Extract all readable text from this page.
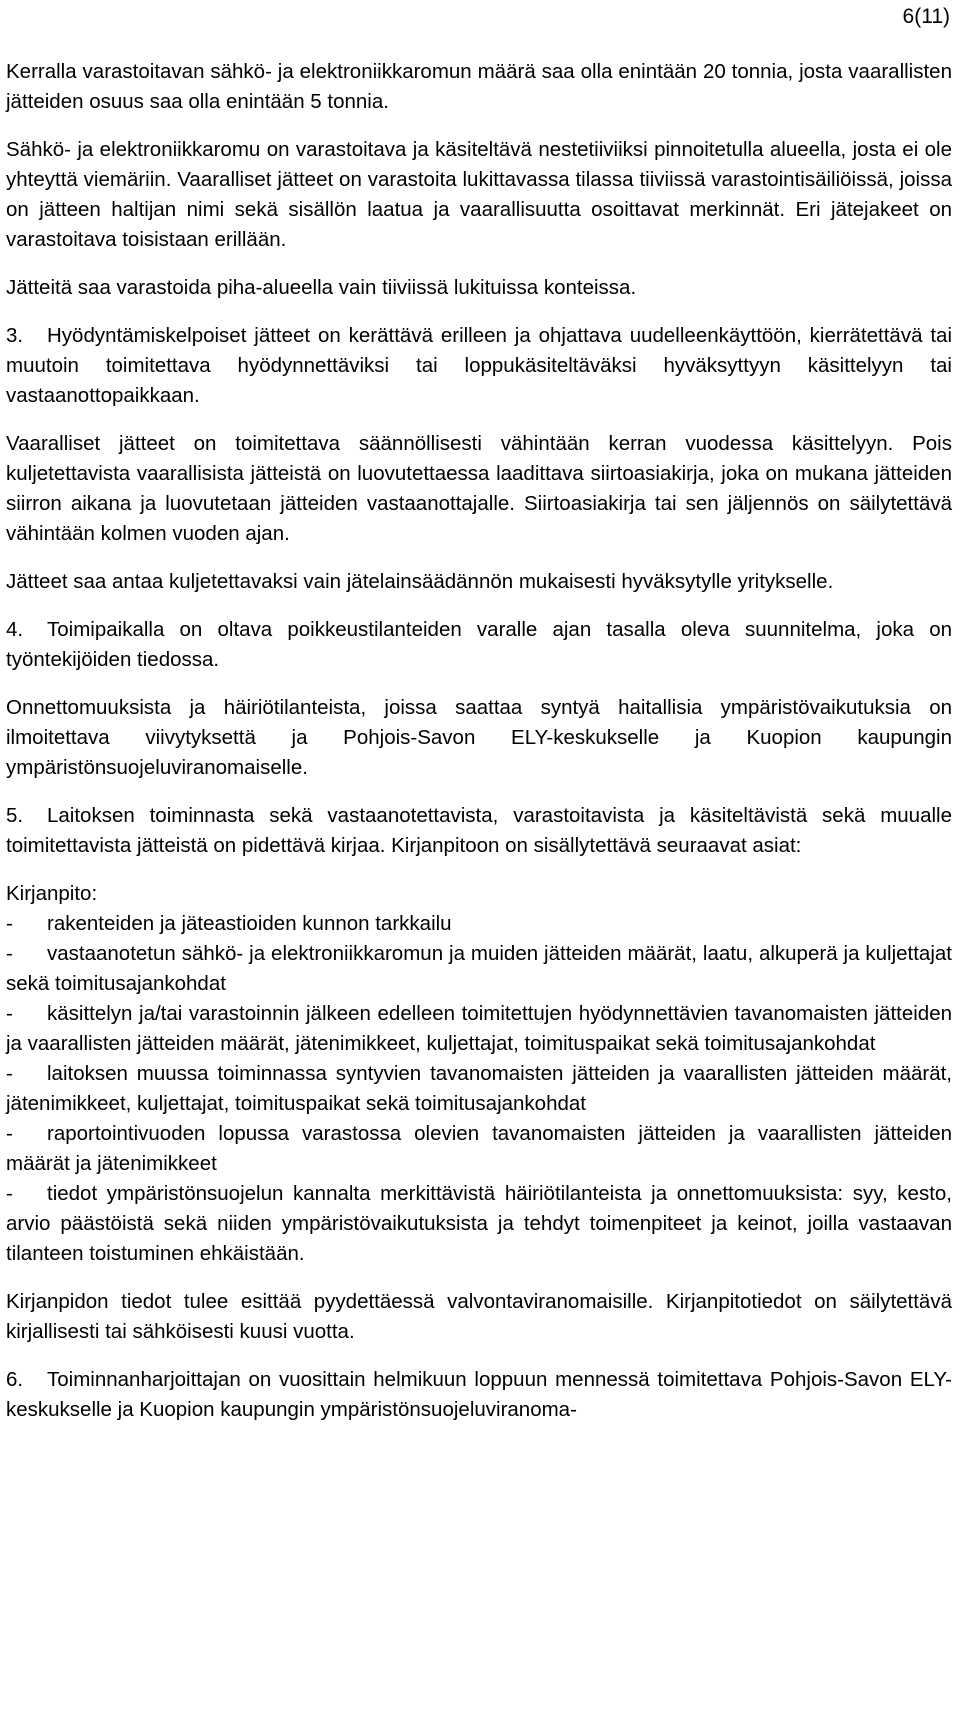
6(11)

Kerralla varastoitavan sähkö- ja elektroniikkaromun määrä saa olla enintään 20 tonnia, josta vaarallisten jätteiden osuus saa olla enintään 5 tonnia.

Sähkö- ja elektroniikkaromu on varastoitava ja käsiteltävä nestetiiviiksi pinnoitetulla alueella, josta ei ole yhteyttä viemäriin. Vaaralliset jätteet on varastoita lukittavassa tilassa tiiviissä varastointisäiliöissä, joissa on jätteen haltijan nimi sekä sisällön laatua ja vaarallisuutta osoittavat merkinnät. Eri jätejakeet on varastoitava toisistaan erillään.

Jätteitä saa varastoida piha-alueella vain tiiviissä lukituissa konteissa.

3. Hyödyntämiskelpoiset jätteet on kerättävä erilleen ja ohjattava uudelleenkäyttöön, kierrätettävä tai muutoin toimitettava hyödynnettäviksi tai loppukäsiteltäväksi hyväksyttyyn käsittelyyn tai vastaanottopaikkaan.

Vaaralliset jätteet on toimitettava säännöllisesti vähintään kerran vuodessa käsittelyyn. Pois kuljetettavista vaarallisista jätteistä on luovutettaessa laadittava siirtoasiakirja, joka on mukana jätteiden siirron aikana ja luovutetaan jätteiden vastaanottajalle. Siirtoasiakirja tai sen jäljennös on säilytettävä vähintään kolmen vuoden ajan.

Jätteet saa antaa kuljetettavaksi vain jätelainsäädännön mukaisesti hyväksytylle yritykselle.

4. Toimipaikalla on oltava poikkeustilanteiden varalle ajan tasalla oleva suunnitelma, joka on työntekijöiden tiedossa.

Onnettomuuksista ja häiriötilanteista, joissa saattaa syntyä haitallisia ympäristövaikutuksia on ilmoitettava viivytyksettä ja Pohjois-Savon ELY-keskukselle ja Kuopion kaupungin ympäristönsuojeluviranomaiselle.

5. Laitoksen toiminnasta sekä vastaanotettavista, varastoitavista ja käsiteltävistä sekä muualle toimitettavista jätteistä on pidettävä kirjaa. Kirjanpitoon on sisällytettävä seuraavat asiat:

Kirjanpito:

- rakenteiden ja jäteastioiden kunnon tarkkailu
- vastaanotetun sähkö- ja elektroniikkaromun ja muiden jätteiden määrät, laatu, alkuperä ja kuljettajat sekä toimitusajankohdat
- käsittelyn ja/tai varastoinnin jälkeen edelleen toimitettujen hyödynnettävien tavanomaisten jätteiden ja vaarallisten jätteiden määrät, jätenimikkeet, kuljettajat, toimituspaikat sekä toimitusajankohdat
- laitoksen muussa toiminnassa syntyvien tavanomaisten jätteiden ja vaarallisten jätteiden määrät, jätenimikkeet, kuljettajat, toimituspaikat sekä toimitusajankohdat
- raportointivuoden lopussa varastossa olevien tavanomaisten jätteiden ja vaarallisten jätteiden määrät ja jätenimikkeet
- tiedot ympäristönsuojelun kannalta merkittävistä häiriötilanteista ja onnettomuuksista: syy, kesto, arvio päästöistä sekä niiden ympäristövaikutuksista ja tehdyt toimenpiteet ja keinot, joilla vastaavan tilanteen toistuminen ehkäistään.

Kirjanpidon tiedot tulee esittää pyydettäessä valvontaviranomaisille. Kirjanpitotiedot on säilytettävä kirjallisesti tai sähköisesti kuusi vuotta.

6. Toiminnanharjoittajan on vuosittain helmikuun loppuun mennessä toimitettava Pohjois-Savon ELY-keskukselle ja Kuopion kaupungin ympäristönsuojeluviranoma-
